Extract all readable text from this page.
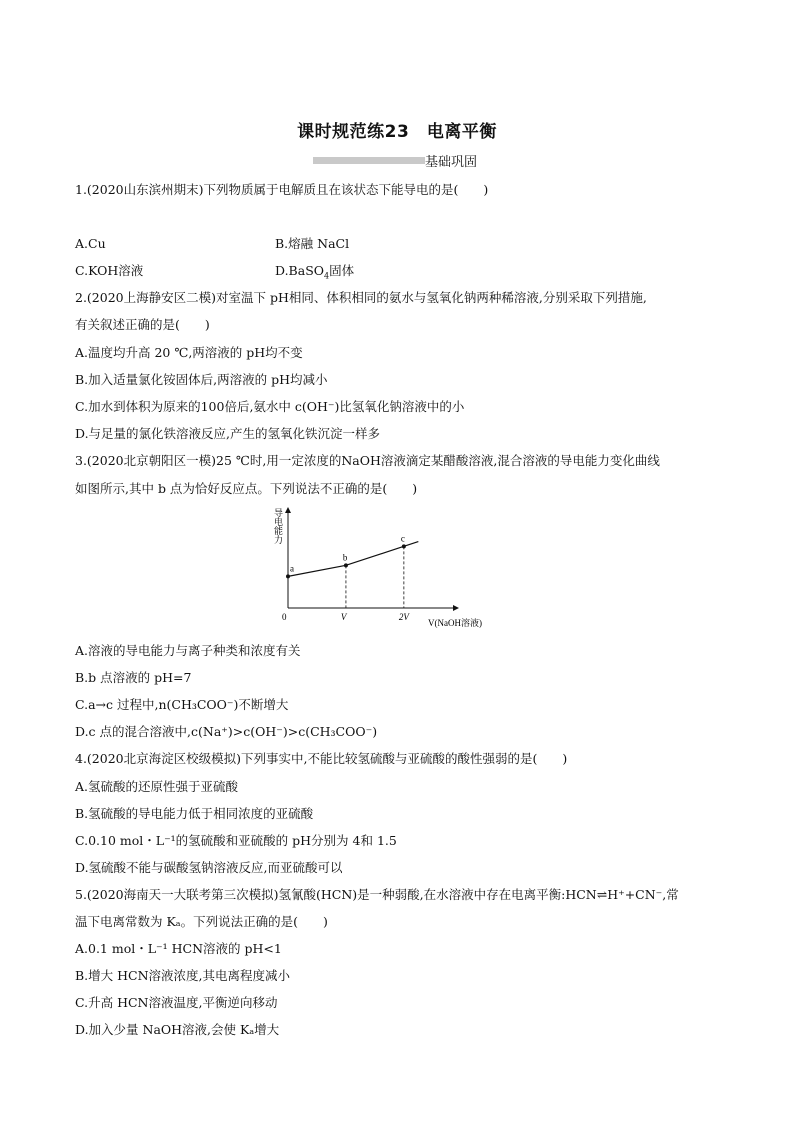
课时规范练23　电离平衡
基础巩固
1.(2020山东滨州期末)下列物质属于电解质且在该状态下能导电的是(　　)
A.Cu	B.熔融 NaCl
C.KOH溶液	D.BaSO$_4$固体
2.(2020上海静安区二模)对室温下 pH相同、体积相同的氨水与氢氧化钠两种稀溶液,分别采取下列措施,
有关叙述正确的是(　　)
A.温度均升高 20 ℃,两溶液的 pH均不变
B.加入适量氯化铵固体后,两溶液的 pH均减小
C.加水到体积为原来的100倍后,氨水中 c(OH⁻)比氢氧化钠溶液中的小
D.与足量的氯化铁溶液反应,产生的氢氧化铁沉淀一样多
3.(2020北京朝阳区一模)25 ℃时,用一定浓度的NaOH溶液滴定某醋酸溶液,混合溶液的导电能力变化曲线
如图所示,其中 b 点为恰好反应点。下列说法不正确的是(　　)
导电能力
V(NaOH溶液)
a
b
c
0	V	2V
A.溶液的导电能力与离子种类和浓度有关
B.b 点溶液的 pH=7
C.a→c 过程中,n(CH₃COO⁻)不断增大
D.c 点的混合溶液中,c(Na⁺)>c(OH⁻)>c(CH₃COO⁻)
4.(2020北京海淀区校级模拟)下列事实中,不能比较氢硫酸与亚硫酸的酸性强弱的是(　　)
A.氢硫酸的还原性强于亚硫酸
B.氢硫酸的导电能力低于相同浓度的亚硫酸
C.0.10 mol・L⁻¹的氢硫酸和亚硫酸的 pH分别为 4和 1.5
D.氢硫酸不能与碳酸氢钠溶液反应,而亚硫酸可以
5.(2020海南天一大联考第三次模拟)氢氰酸(HCN)是一种弱酸,在水溶液中存在电离平衡:HCN⇌H⁺+CN⁻,常
温下电离常数为 Kₐ。下列说法正确的是(　　)
A.0.1 mol・L⁻¹ HCN溶液的 pH<1
B.增大 HCN溶液浓度,其电离程度减小
C.升高 HCN溶液温度,平衡逆向移动
D.加入少量 NaOH溶液,会使 Kₐ增大
